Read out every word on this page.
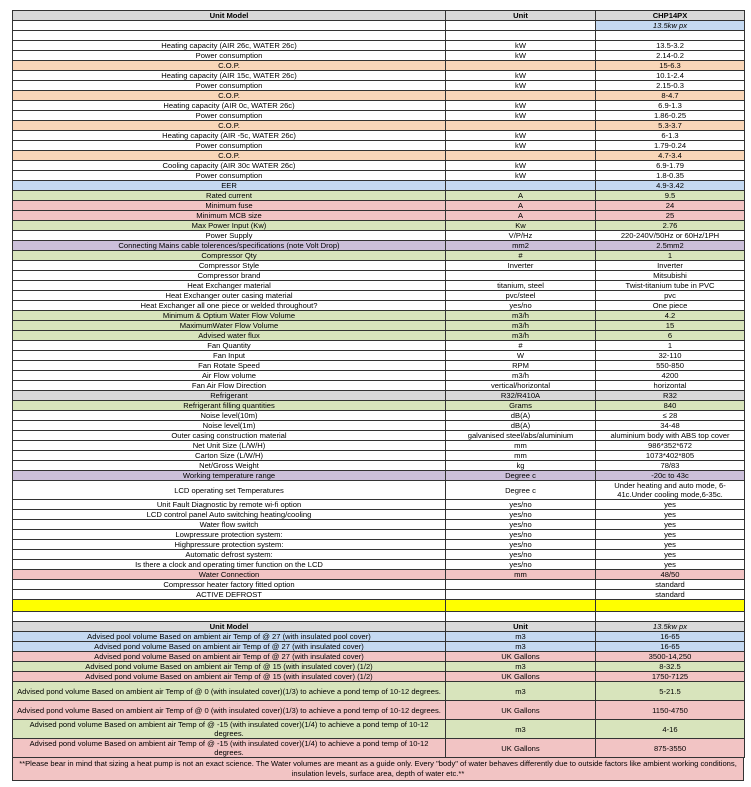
Unit Model	Unit	CHP14PX
		13.5kw px

Heating capacity (AIR 26c, WATER 26c)	kW	13.5-3.2
Power consumption	kW	2.14-0.2
C.O.P.		15-6.3
Heating capacity (AIR 15c, WATER 26c)	kW	10.1-2.4
Power consumption	kW	2.15-0.3
C.O.P.		8-4.7
Heating capacity (AIR 0c, WATER 26c)	kW	6.9-1.3
Power consumption	kW	1.86-0.25
C.O.P.		5.3-3.7
Heating capacity (AIR -5c, WATER 26c)	kW	6-1.3
Power consumption	kW	1.79-0.24
C.O.P.		4.7-3.4
Cooling capacity (AIR 30c WATER 26c)	kW	6.9-1.79
Power consumption	kW	1.8-0.35
EER		4.9-3.42
Rated current	A	9.5
Minimum fuse	A	24
Minimum MCB size	A	25
Max Power Input (Kw)	Kw	2.76
Power Supply	V/P/Hz	220-240V/50Hz or 60Hz/1PH
Connecting Mains cable tolerences/specifications (note Volt Drop)	mm2	2.5mm2
Compressor Qty	#	1
Compressor Style	Inverter	Inverter
Compressor brand		Mitsubishi
Heat Exchanger material	titanium, steel	Twist-titanium tube in PVC
Heat Exchanger outer casing material	pvc/steel	pvc
Heat Exchanger all one piece or welded throughout?	yes/no	One piece
Minimum & Optium Water Flow Volume	m3/h	4.2
MaximumWater Flow Volume	m3/h	15
Advised water flux	m3/h	6
Fan Quantity	#	1
Fan Input	W	32-110
Fan Rotate Speed	RPM	550-850
Air Flow volume	m3/h	4200
Fan Air Flow Direction	vertical/horizontal	horizontal
Refrigerant	R32/R410A	R32
Refrigerant filling quantities	Grams	840
Noise level(10m)	dB(A)	≤ 28
Noise level(1m)	dB(A)	34-48
Outer casing construction material	galvanised steel/abs/aluminium	aluminium body with ABS top cover
Net Unit Size (L/W/H)	mm	986*352*672
Carton Size (L/W/H)	mm	1073*402*805
Net/Gross Weight	kg	78/83
Working temperature range	Degree c	-20c to 43c
LCD operating set Temperatures	Degree c	Under heating and auto mode, 6-41c.Under cooling mode,6-35c.
Unit Fault Diagnostic by remote wi-fi option	yes/no	yes
LCD control panel Auto switching heating/cooling	yes/no	yes
Water flow switch	yes/no	yes
Lowpressure protection system:	yes/no	yes
Highpressure protection system:	yes/no	yes
Automatic defrost system:	yes/no	yes
Is there a clock and operating timer function on the LCD	yes/no	yes
Water Connection	mm	48/50
Compressor heater factory fitted option		standard
ACTIVE DEFROST		standard

Unit Model	Unit	13.5kw px
Advised pool volume Based on ambient air Temp of @ 27 (with insulated pool cover)	m3	16-65
Advised pond volume Based on ambient air Temp of @ 27 (with insulated cover)	m3	16-65
Advised pond volume Based on ambient air Temp of @ 27 (with insulated cover)	UK Gallons	3500-14,250
Advised pond volume Based on ambient air Temp of @ 15 (with insulated cover) (1/2)	m3	8-32.5
Advised pond volume Based on ambient air Temp of @ 15 (with insulated cover) (1/2)	UK Gallons	1750-7125
Advised pond volume Based on ambient air Temp of @ 0 (with insulated cover)(1/3) to achieve a pond temp of 10-12 degrees.	m3	5-21.5
Advised pond volume Based on ambient air Temp of @ 0 (with insulated cover)(1/3) to achieve a pond temp of 10-12 degrees.	UK Gallons	1150-4750
Advised pond volume Based on ambient air Temp of @ -15 (with insulated cover)(1/4) to achieve a pond temp of 10-12 degrees.	m3	4-16
Advised pond volume Based on ambient air Temp of @ -15 (with insulated cover)(1/4) to achieve a pond temp of 10-12 degrees.	UK Gallons	875-3550
**Please bear in mind that sizing a heat pump is not an exact science. The Water volumes are meant as a guide only. Every "body" of water behaves differently due to outside factors like ambient working conditions, insulation levels, surface area, depth of water etc.**
